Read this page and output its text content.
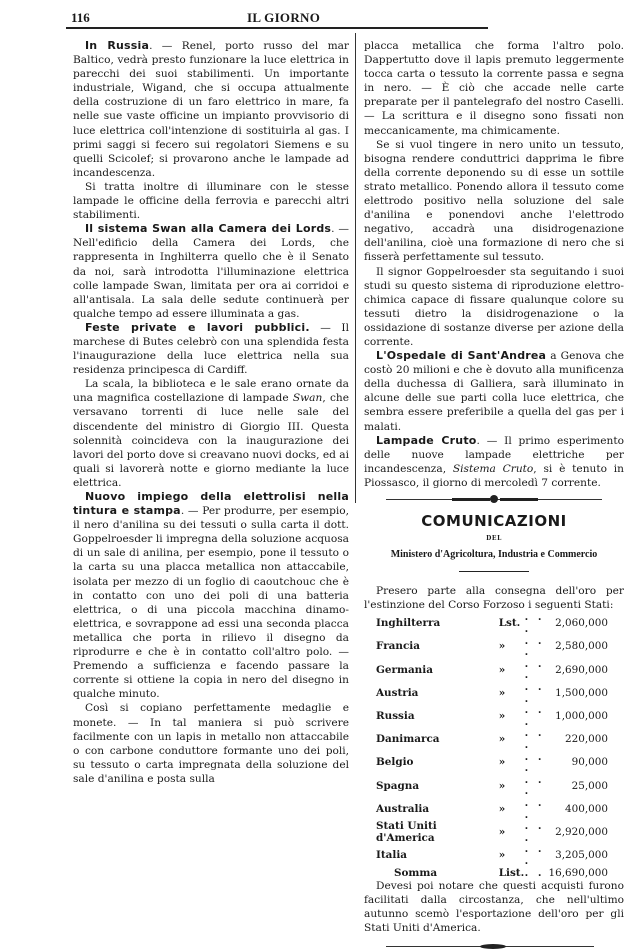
116	IL GIORNO

In Russia. — Renel, porto russo del mar Baltico, vedrà presto funzionare la luce elettrica in parecchi dei suoi stabilimenti. Un importante industriale, Wigand, che si occupa attualmente della costruzione di un faro elettrico in mare, fa nelle sue vaste officine un impianto provvisorio di luce elettrica coll'intenzione di sostituirla al gas. I primi saggi si fecero sui regolatori Siemens e su quelli Scicolef; si provarono anche le lampade ad incandescenza.

Si tratta inoltre di illuminare con le stesse lampade le officine della ferrovia e parecchi altri stabilimenti.

Il sistema Swan alla Camera dei Lords. — Nell'edificio della Camera dei Lords, che rappresenta in Inghilterra quello che è il Senato da noi, sarà introdotta l'illuminazione elettrica colle lampade Swan, limitata per ora ai corridoi e all'antisala. La sala delle sedute continuerà per qualche tempo ad essere illuminata a gas.

Feste private e lavori pubblici. — Il marchese di Butes celebrò con una splendida festa l'inaugurazione della luce elettrica nella sua residenza principesca di Cardiff.

La scala, la biblioteca e le sale erano ornate da una magnifica costellazione di lampade Swan, che versavano torrenti di luce nelle sale del discendente del ministro di Giorgio III. Questa solennità coincideva con la inaugurazione dei lavori del porto dove si creavano nuovi docks, ed ai quali si lavorerà notte e giorno mediante la luce elettrica.

Nuovo impiego della elettrolisi nella tintura e stampa. — Per produrre, per esempio, il nero d'anilina su dei tessuti o sulla carta il dott. Goppelroesder li impregna della soluzione acquosa di un sale di anilina, per esempio, pone il tessuto o la carta su una placca metallica non attaccabile, isolata per mezzo di un foglio di caoutchouc che è in contatto con uno dei poli di una batteria elettrica, o di una piccola macchina dinamo-elettrica, e sovrappone ad essi una seconda placca metallica che porta in rilievo il disegno da riprodurre e che è in contatto coll'altro polo. — Premendo a sufficienza e facendo passare la corrente si ottiene la copia in nero del disegno in qualche minuto.

Così si copiano perfettamente medaglie e monete. — In tal maniera si può scrivere facilmente con un lapis in metallo non attaccabile o con carbone conduttore formante uno dei poli, su tessuto o carta impregnata della soluzione del sale d'anilina e posta sulla

placca metallica che forma l'altro polo. Dappertutto dove il lapis premuto leggermente tocca carta o tessuto la corrente passa e segna in nero. — È ciò che accade nelle carte preparate per il pantelegrafo del nostro Caselli. — La scrittura e il disegno sono fissati non meccanicamente, ma chimicamente.

Se si vuol tingere in nero unito un tessuto, bisogna rendere conduttrici dapprima le fibre della corrente deponendo su di esse un sottile strato metallico. Ponendo allora il tessuto come elettrodo positivo nella soluzione del sale d'anilina e ponendovi anche l'elettrodo negativo, accadrà una disidrogenazione dell'anilina, cioè una formazione di nero che si fisserà perfettamente sul tessuto.

Il signor Goppelroesder sta seguitando i suoi studi su questo sistema di riproduzione elettro-chimica capace di fissare qualunque colore su tessuti dietro la disidrogenazione o la ossidazione di sostanze diverse per azione della corrente.

L'Ospedale di Sant'Andrea a Genova che costò 20 milioni e che è dovuto alla munificenza della duchessa di Galliera, sarà illuminato in alcune delle sue parti colla luce elettrica, che sembra essere preferibile a quella del gas per i malati.

Lampade Cruto. — Il primo esperimento delle nuove lampade elettriche per incandescenza, Sistema Cruto, si è tenuto in Piossasco, il giorno di mercoledì 7 corrente.

COMUNICAZIONI
DEL
Ministero d'Agricoltura, Industria e Commercio

Presero parte alla consegna dell'oro per l'estinzione del Corso Forzoso i seguenti Stati:

Inghilterra	Lst.	. . .	2,060,000
Francia	»	. . .	2,580,000
Germania	»	. . .	2,690,000
Austria	»	. . .	1,500,000
Russia	»	. . .	1,000,000
Danimarca	»	. . .	220,000
Belgio	»	. . .	90,000
Spagna	»	. . .	25,000
Australia	»	. . .	400,000
Stati Uniti d'America	»	. . .	2,920,000
Italia	»	. . .	3,205,000
Somma	List.	. .	16,690,000

Devesi poi notare che questi acquisti furono facilitati dalla circostanza, che nell'ultimo autunno scemò l'esportazione dell'oro per gli Stati Uniti d'America.
